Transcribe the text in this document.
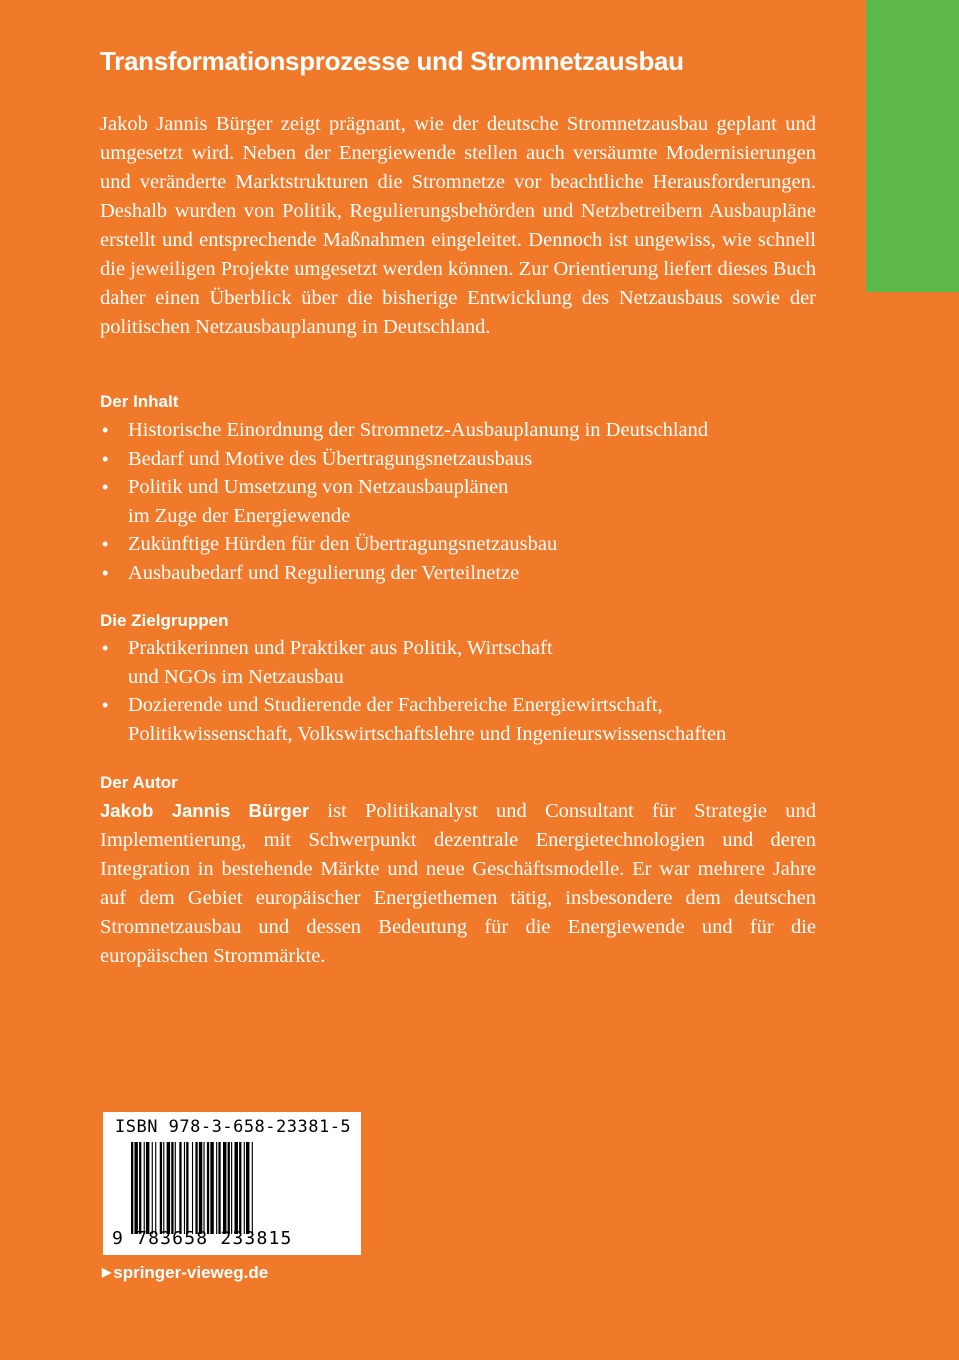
Transformationsprozesse und Stromnetzausbau

Jakob Jannis Bürger zeigt prägnant, wie der deutsche Stromnetzausbau geplant und umgesetzt wird. Neben der Energiewende stellen auch versäumte Modernisierungen und veränderte Marktstrukturen die Stromnetze vor beachtliche Herausforderungen. Deshalb wurden von Politik, Regulierungsbehörden und Netzbetreibern Ausbaupläne erstellt und entsprechende Maßnahmen eingeleitet. Dennoch ist ungewiss, wie schnell die jeweiligen Projekte umgesetzt werden können. Zur Orientierung liefert dieses Buch daher einen Überblick über die bisherige Entwicklung des Netzausbaus sowie der politischen Netzausbauplanung in Deutschland.

Der Inhalt
• Historische Einordnung der Stromnetz-Ausbauplanung in Deutschland
• Bedarf und Motive des Übertragungsnetzausbaus
• Politik und Umsetzung von Netzausbauplänen
im Zuge der Energiewende
• Zukünftige Hürden für den Übertragungsnetzausbau
• Ausbaubedarf und Regulierung der Verteilnetze
Die Zielgruppen
• Praktikerinnen und Praktiker aus Politik, Wirtschaft
und NGOs im Netzausbau
• Dozierende und Studierende der Fachbereiche Energiewirtschaft,
Politikwissenschaft, Volkswirtschaftslehre und Ingenieurswissenschaften
Der Autor

Jakob Jannis Bürger ist Politikanalyst und Consultant für Strategie und Implementierung, mit Schwerpunkt dezentrale Energietechnologien und deren Integration in bestehende Märkte und neue Geschäftsmodelle. Er war mehrere Jahre auf dem Gebiet europäischer Energiethemen tätig, insbesondere dem deutschen Stromnetzausbau und dessen Bedeutung für die Energiewende und für die europäischen Strommärkte.

ISBN 978-3-658-23381-5
9 783658 233815
▶ springer-vieweg.de
